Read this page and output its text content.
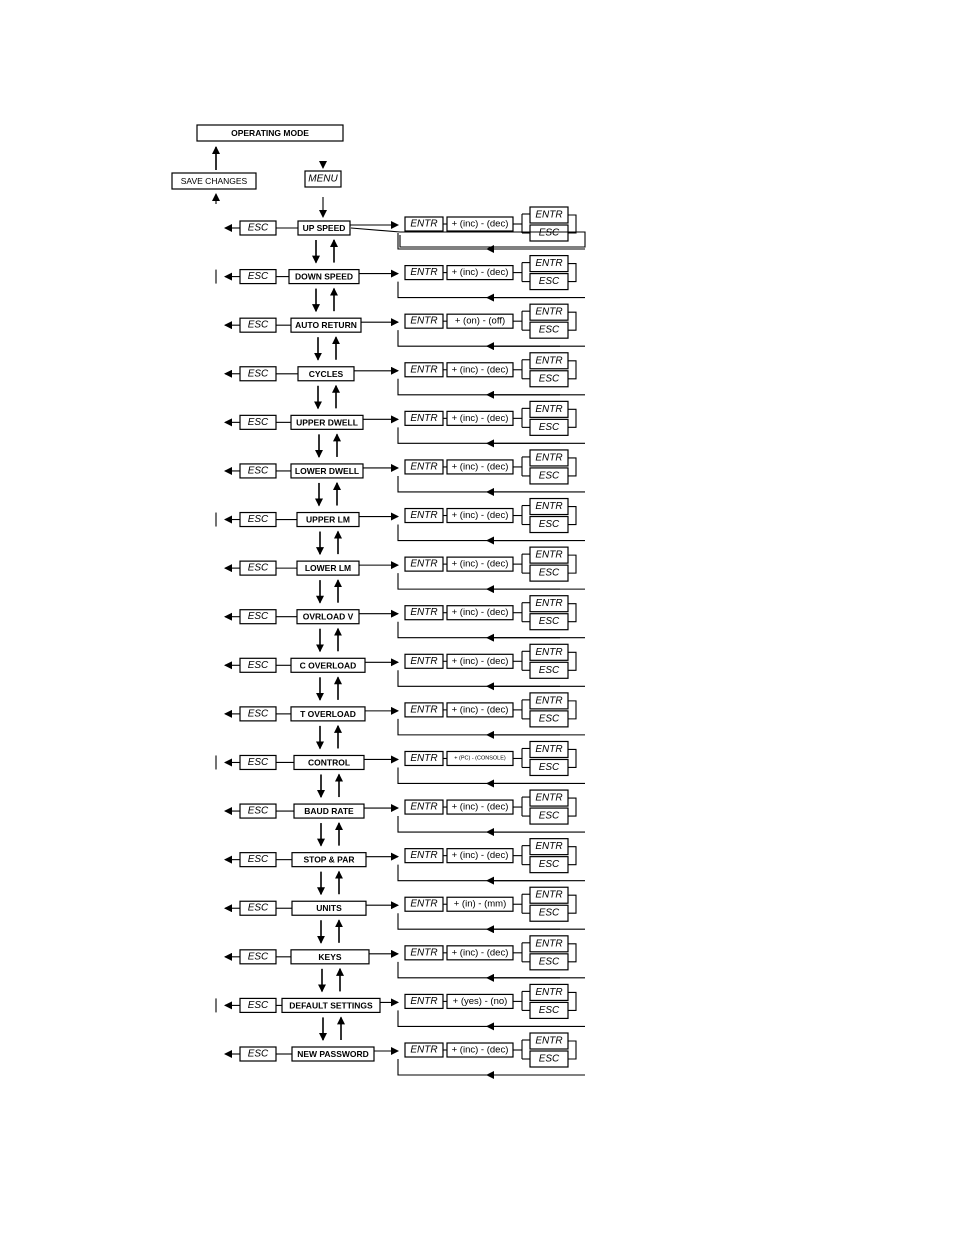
OPERATING MODE
SAVE CHANGES	MENU
UP SPEED
ESC	ENTR + (inc) - (dec)
ENTR
ESC
DOWN SPEED
ESC	ENTR + (inc) - (dec)
ENTR
ESC
AUTO RETURN
ESC	ENTR + (on) - (off)
ENTR
ESC
CYCLES
ESC	ENTR + (inc) - (dec)
ENTR
ESC
UPPER DWELL
ESC	ENTR + (inc) - (dec)
ENTR
ESC
LOWER DWELL
ESC	ENTR + (inc) - (dec)
ENTR
ESC
UPPER LM
ESC	ENTR + (inc) - (dec)
ENTR
ESC
LOWER LM
ESC	ENTR + (inc) - (dec)
ENTR
ESC
OVRLOAD V
ESC	ENTR + (inc) - (dec)
ENTR
ESC
C OVERLOAD
ESC	ENTR + (inc) - (dec)
ENTR
ESC
T OVERLOAD
ESC	ENTR + (inc) - (dec)
ENTR
ESC
CONTROL
ESC	ENTR	+ (PC) - (CONSOLE)
ENTR
ESC
BAUD RATE
ESC	ENTR + (inc) - (dec)
ENTR
ESC
STOP & PAR
ESC	ENTR + (inc) - (dec)
ENTR
ESC
UNITS
ESC	ENTR + (in) - (mm)
ENTR
ESC
KEYS
ESC	ENTR + (inc) - (dec)
ENTR
ESC
DEFAULT SETTINGS
ESC	ENTR + (yes) - (no)
ENTR
ESC
NEW PASSWORD
ESC	ENTR + (inc) - (dec)
ENTR
ESC
